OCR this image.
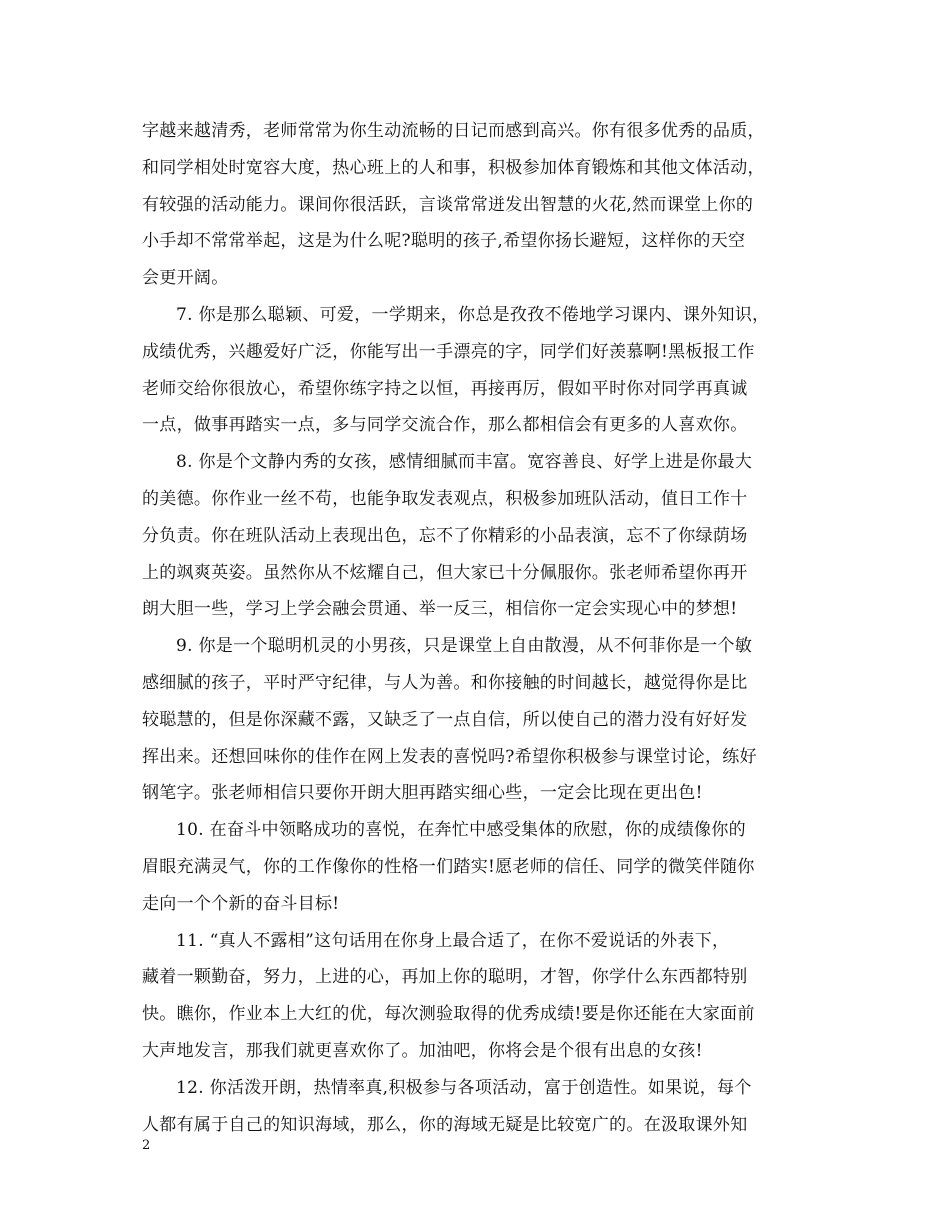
字越来越清秀，老师常常为你生动流畅的日记而感到高兴。你有很多优秀的品质，
和同学相处时宽容大度，热心班上的人和事，积极参加体育锻炼和其他文体活动，
有较强的活动能力。课间你很活跃，言谈常常迸发出智慧的火花,然而课堂上你的
小手却不常常举起，这是为什么呢?聪明的孩子,希望你扬长避短，这样你的天空
会更开阔。
7. 你是那么聪颖、可爱，一学期来，你总是孜孜不倦地学习课内、课外知识，
成绩优秀，兴趣爱好广泛，你能写出一手漂亮的字，同学们好羡慕啊!黑板报工作
老师交给你很放心，希望你练字持之以恒，再接再厉，假如平时你对同学再真诚
一点，做事再踏实一点，多与同学交流合作，那么都相信会有更多的人喜欢你。
8. 你是个文静内秀的女孩，感情细腻而丰富。宽容善良、好学上进是你最大
的美德。你作业一丝不苟，也能争取发表观点，积极参加班队活动，值日工作十
分负责。你在班队活动上表现出色，忘不了你精彩的小品表演，忘不了你绿荫场
上的飒爽英姿。虽然你从不炫耀自己，但大家已十分佩服你。张老师希望你再开
朗大胆一些，学习上学会融会贯通、举一反三，相信你一定会实现心中的梦想!
9. 你是一个聪明机灵的小男孩，只是课堂上自由散漫，从不何菲你是一个敏
感细腻的孩子，平时严守纪律，与人为善。和你接触的时间越长，越觉得你是比
较聪慧的，但是你深藏不露，又缺乏了一点自信，所以使自己的潜力没有好好发
挥出来。还想回味你的佳作在网上发表的喜悦吗?希望你积极参与课堂讨论，练好
钢笔字。张老师相信只要你开朗大胆再踏实细心些，一定会比现在更出色!
10. 在奋斗中领略成功的喜悦，在奔忙中感受集体的欣慰，你的成绩像你的
眉眼充满灵气，你的工作像你的性格一们踏实!愿老师的信任、同学的微笑伴随你
走向一个个新的奋斗目标!
11. “真人不露相”这句话用在你身上最合适了，在你不爱说话的外表下，
藏着一颗勤奋，努力，上进的心，再加上你的聪明，才智，你学什么东西都特别
快。瞧你，作业本上大红的优，每次测验取得的优秀成绩!要是你还能在大家面前
大声地发言，那我们就更喜欢你了。加油吧，你将会是个很有出息的女孩!
12. 你活泼开朗，热情率真,积极参与各项活动，富于创造性。如果说，每个
人都有属于自己的知识海域，那么，你的海域无疑是比较宽广的。在汲取课外知
2
